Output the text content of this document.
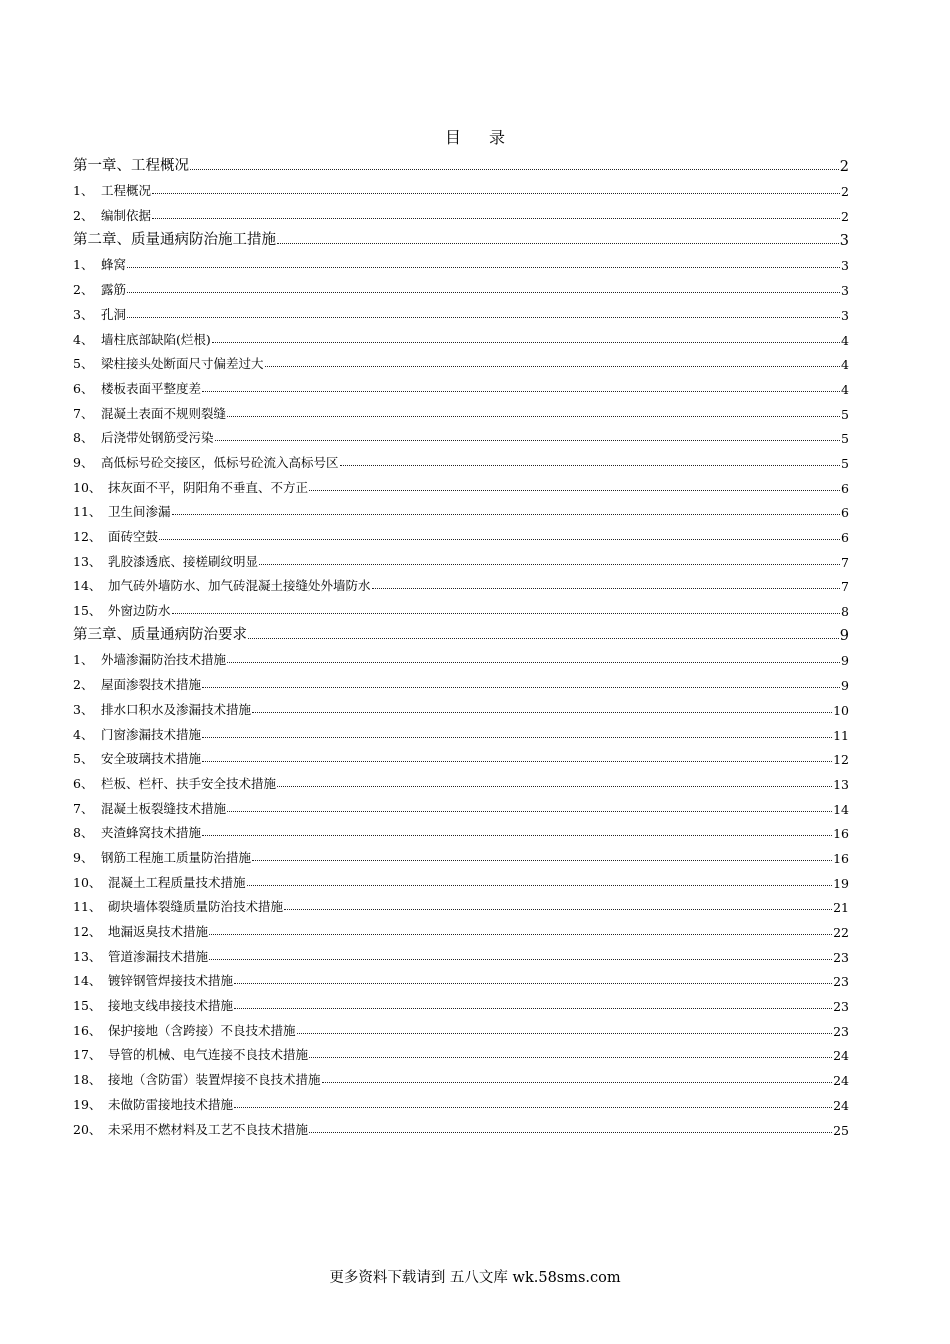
目 录
第一章、工程概况	2
1、 工程概况	2
2、 编制依据	2
第二章、质量通病防治施工措施	3
1、 蜂窝	3
2、 露筋	3
3、 孔洞	3
4、 墙柱底部缺陷(烂根)	4
5、 梁柱接头处断面尺寸偏差过大	4
6、 楼板表面平整度差	4
7、 混凝土表面不规则裂缝	5
8、 后浇带处钢筋受污染	5
9、 高低标号砼交接区，低标号砼流入高标号区	5
10、 抹灰面不平，阴阳角不垂直、不方正	6
11、 卫生间渗漏	6
12、 面砖空鼓	6
13、 乳胶漆透底、接槎刷纹明显	7
14、 加气砖外墙防水、加气砖混凝土接缝处外墙防水	7
15、 外窗边防水	8
第三章、质量通病防治要求	9
1、 外墙渗漏防治技术措施	9
2、 屋面渗裂技术措施	9
3、 排水口积水及渗漏技术措施	10
4、 门窗渗漏技术措施	11
5、 安全玻璃技术措施	12
6、 栏板、栏杆、扶手安全技术措施	13
7、 混凝土板裂缝技术措施	14
8、 夹渣蜂窝技术措施	16
9、 钢筋工程施工质量防治措施	16
10、 混凝土工程质量技术措施	19
11、 砌块墙体裂缝质量防治技术措施	21
12、 地漏返臭技术措施	22
13、 管道渗漏技术措施	23
14、 镀锌钢管焊接技术措施	23
15、 接地支线串接技术措施	23
16、 保护接地（含跨接）不良技术措施	23
17、 导管的机械、电气连接不良技术措施	24
18、 接地（含防雷）装置焊接不良技术措施	24
19、 未做防雷接地技术措施	24
20、 未采用不燃材料及工艺不良技术措施	25
更多资料下载请到 五八文库 wk.58sms.com
